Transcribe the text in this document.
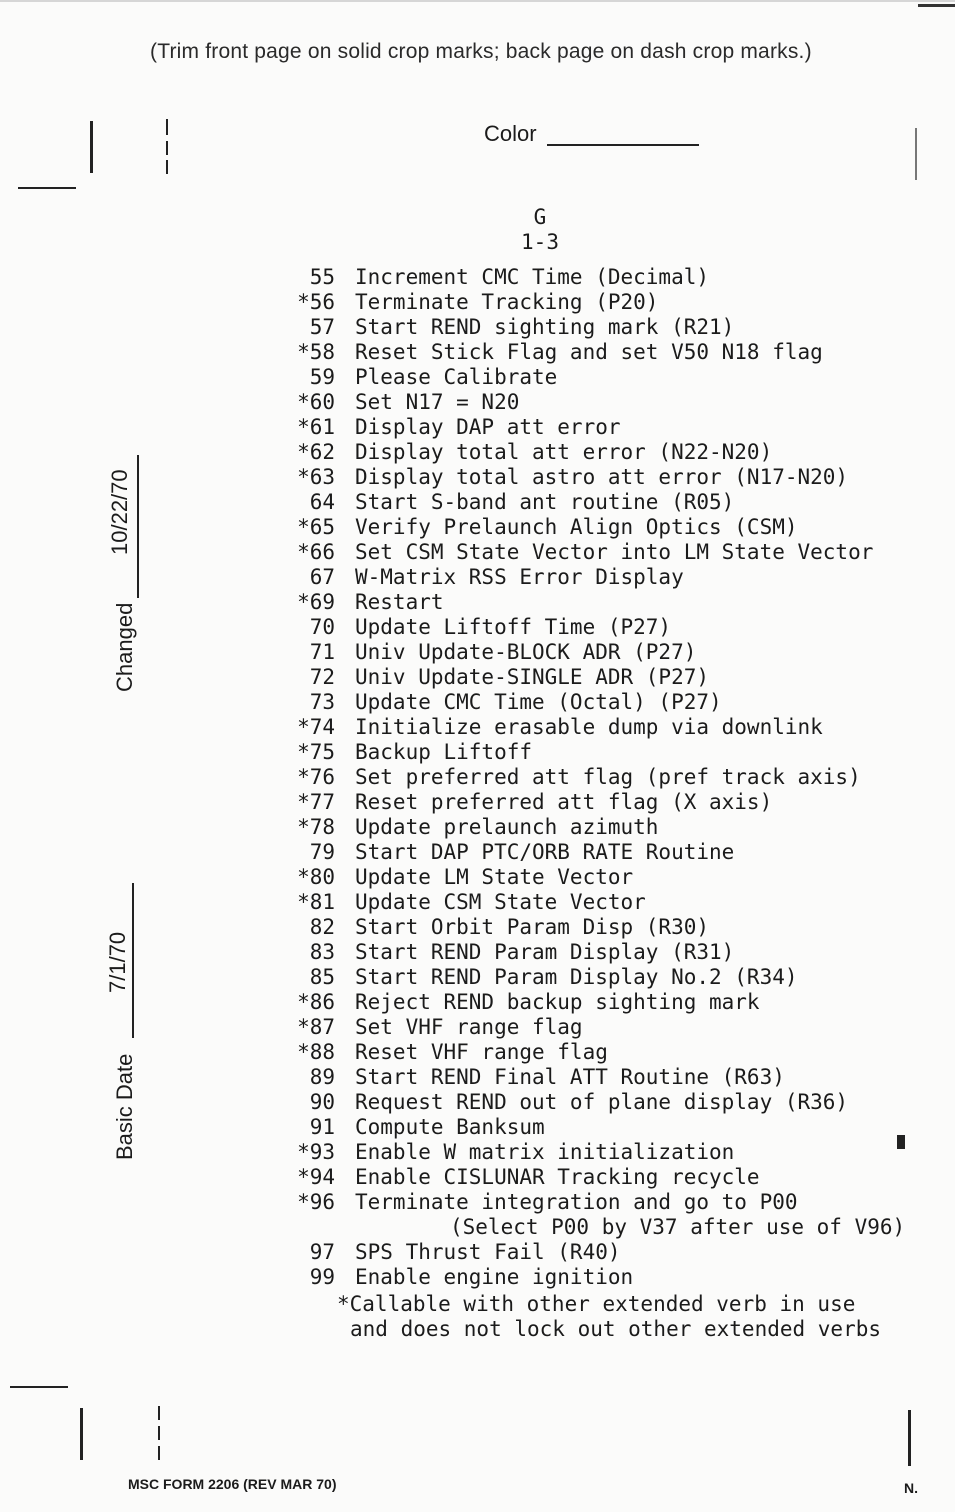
(Trim front page on solid crop marks; back page on dash crop marks.)
Color
G
1-3
55 Increment CMC Time (Decimal)
*56 Terminate Tracking (P20)
57 Start REND sighting mark (R21)
*58 Reset Stick Flag and set V50 N18 flag
59 Please Calibrate
*60 Set N17 = N20
*61 Display DAP att error
*62 Display total att error (N22-N20)
*63 Display total astro att error (N17-N20)
64 Start S-band ant routine (R05)
*65 Verify Prelaunch Align Optics (CSM)
*66 Set CSM State Vector into LM State Vector
67 W-Matrix RSS Error Display
*69 Restart
70 Update Liftoff Time (P27)
71 Univ Update-BLOCK ADR (P27)
72 Univ Update-SINGLE ADR (P27)
73 Update CMC Time (Octal) (P27)
*74 Initialize erasable dump via downlink
*75 Backup Liftoff
*76 Set preferred att flag (pref track axis)
*77 Reset preferred att flag (X axis)
*78 Update prelaunch azimuth
79 Start DAP PTC/ORB RATE Routine
*80 Update LM State Vector
*81 Update CSM State Vector
82 Start Orbit Param Disp (R30)
83 Start REND Param Display (R31)
85 Start REND Param Display No.2 (R34)
*86 Reject REND backup sighting mark
*87 Set VHF range flag
*88 Reset VHF range flag
89 Start REND Final ATT Routine (R63)
90 Request REND out of plane display (R36)
91 Compute Banksum
*93 Enable W matrix initialization
*94 Enable CISLUNAR Tracking recycle
*96 Terminate integration and go to P00
(Select P00 by V37 after use of V96)
97 SPS Thrust Fail (R40)
99 Enable engine ignition
*Callable with other extended verb in use
and does not lock out other extended verbs
Changed
10/22/70
Basic Date
7/1/70
MSC FORM 2206 (REV MAR 70)	N.
